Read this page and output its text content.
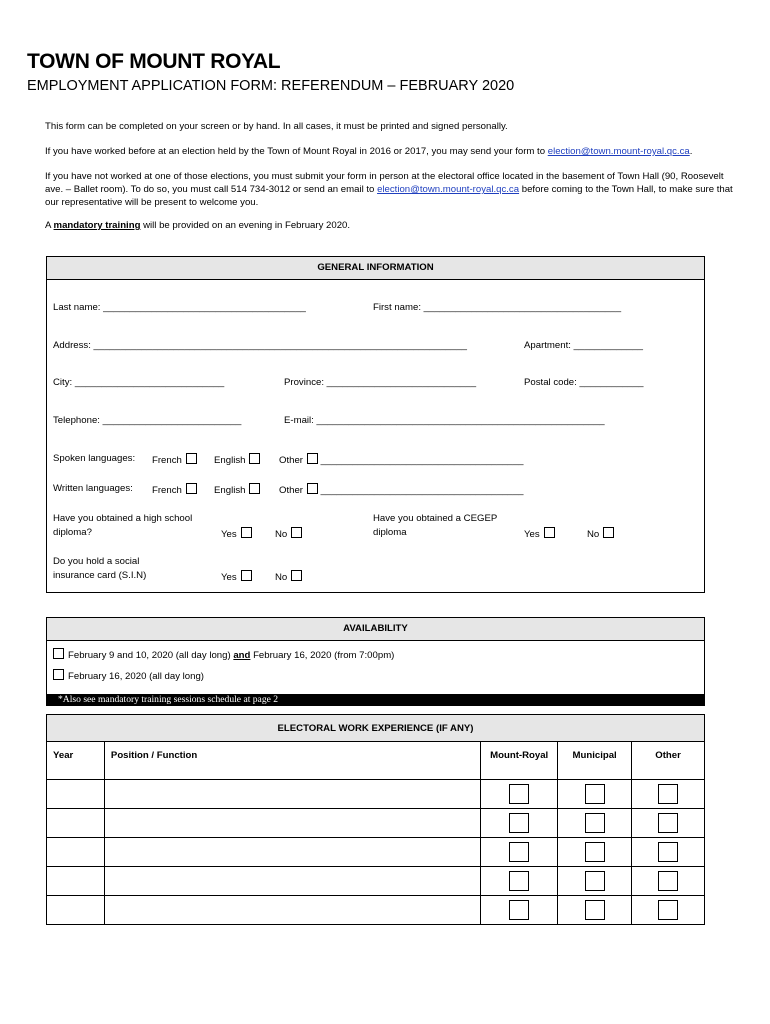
TOWN OF MOUNT ROYAL
EMPLOYMENT APPLICATION FORM: REFERENDUM – FEBRUARY 2020
This form can be completed on your screen or by hand. In all cases, it must be printed and signed personally.
If you have worked before at an election held by the Town of Mount Royal in 2016 or 2017, you may send your form to election@town.mount-royal.qc.ca.
If you have not worked at one of those elections, you must submit your form in person at the electoral office located in the basement of Town Hall (90, Roosevelt ave. – Ballet room). To do so, you must call 514 734-3012 or send an email to election@town.mount-royal.qc.ca before coming to the Town Hall, to make sure that our representative will be present to welcome you.
A mandatory training will be provided on an evening in February 2020.
GENERAL INFORMATION
Last name: ______________________________________	First name: _____________________________________
Address: ______________________________________________________________________	Apartment: _____________
City: ____________________________	Province: ____________________________	Postal code: ____________
Telephone: __________________________	E-mail: ______________________________________________________
Spoken languages: French	English	Other ______________________________________
Written languages: French	English	Other ______________________________________
Have you obtained a high school
diploma?	Yes	No
Have you obtained a CEGEP
diploma	Yes	No
Do you hold a social
insurance card (S.I.N)	Yes	No
AVAILABILITY
February 9 and 10, 2020 (all day long) and February 16, 2020 (from 7:00pm)
February 16, 2020 (all day long)
*Also see mandatory training sessions schedule at page 2
ELECTORAL WORK EXPERIENCE (IF ANY)
Year	Position / Function	Mount-Royal	Municipal	Other
